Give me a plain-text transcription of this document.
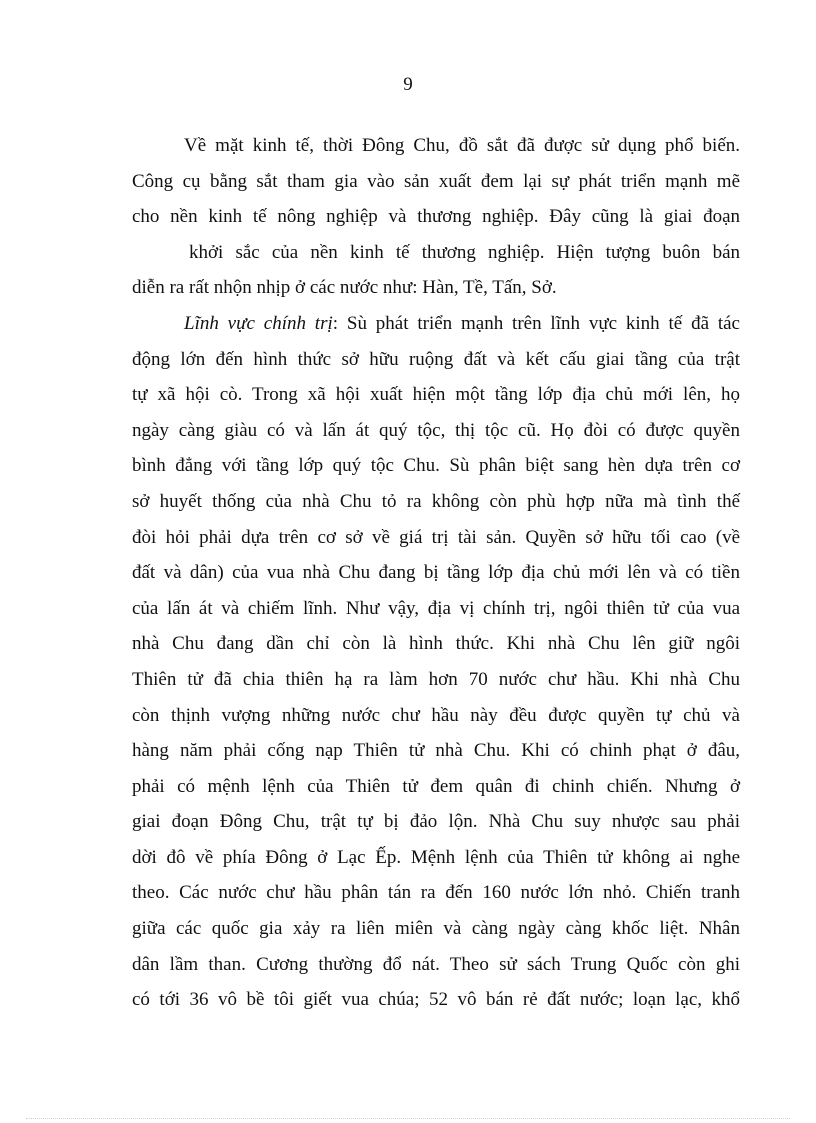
9
Về mặt kinh tế, thời Đông Chu, đồ sắt đã được sử dụng phổ biến.
Công cụ bằng sắt tham gia vào sản xuất đem lại sự phát triển mạnh mẽ
cho nền kinh tế nông nghiệp và thương nghiệp. Đây cũng là giai đoạn
khởi sắc của nền kinh tế thương nghiệp. Hiện tượng buôn bán
diễn ra rất nhộn nhịp ở các nước như: Hàn, Tề, Tấn, Sở.
Lĩnh vực chính trị: Sù phát triển mạnh trên lĩnh vực kinh tế đã tác
động lớn đến hình thức sở hữu ruộng đất và kết cấu giai tầng của trật
tự xã hội cò. Trong xã hội xuất hiện một tầng lớp địa chủ mới lên, họ
ngày càng giàu có và lấn át quý tộc, thị tộc cũ. Họ đòi có được quyền
bình đẳng với tầng lớp quý tộc Chu. Sù phân biệt sang hèn dựa trên cơ
sở huyết thống của nhà Chu tỏ ra không còn phù hợp nữa mà tình thế
đòi hỏi phải dựa trên cơ sở về giá trị tài sản. Quyền sở hữu tối cao (về
đất và dân) của vua nhà Chu đang bị tầng lớp địa chủ mới lên và có tiền
của lấn át và chiếm lĩnh. Như vậy, địa vị chính trị, ngôi thiên tử của vua
nhà Chu đang dần chỉ còn là hình thức. Khi nhà Chu lên giữ ngôi
Thiên tử đã chia thiên hạ ra làm hơn 70 nước chư hầu. Khi nhà Chu
còn thịnh vượng những nước chư hầu này đều được quyền tự chủ và
hàng năm phải cống nạp Thiên tử nhà Chu. Khi có chinh phạt ở đâu,
phải có mệnh lệnh của Thiên tử đem quân đi chinh chiến. Nhưng ở
giai đoạn Đông Chu, trật tự bị đảo lộn. Nhà Chu suy nhược sau phải
dời đô về phía Đông ở Lạc Ếp. Mệnh lệnh của Thiên tử không ai nghe
theo. Các nước chư hầu phân tán ra đến 160 nước lớn nhỏ. Chiến tranh
giữa các quốc gia xảy ra liên miên và càng ngày càng khốc liệt. Nhân
dân lầm than. Cương thường đổ nát. Theo sử sách Trung Quốc còn ghi
có tới 36 vô bề tôi giết vua chúa; 52 vô bán rẻ đất nước; loạn lạc, khổ
